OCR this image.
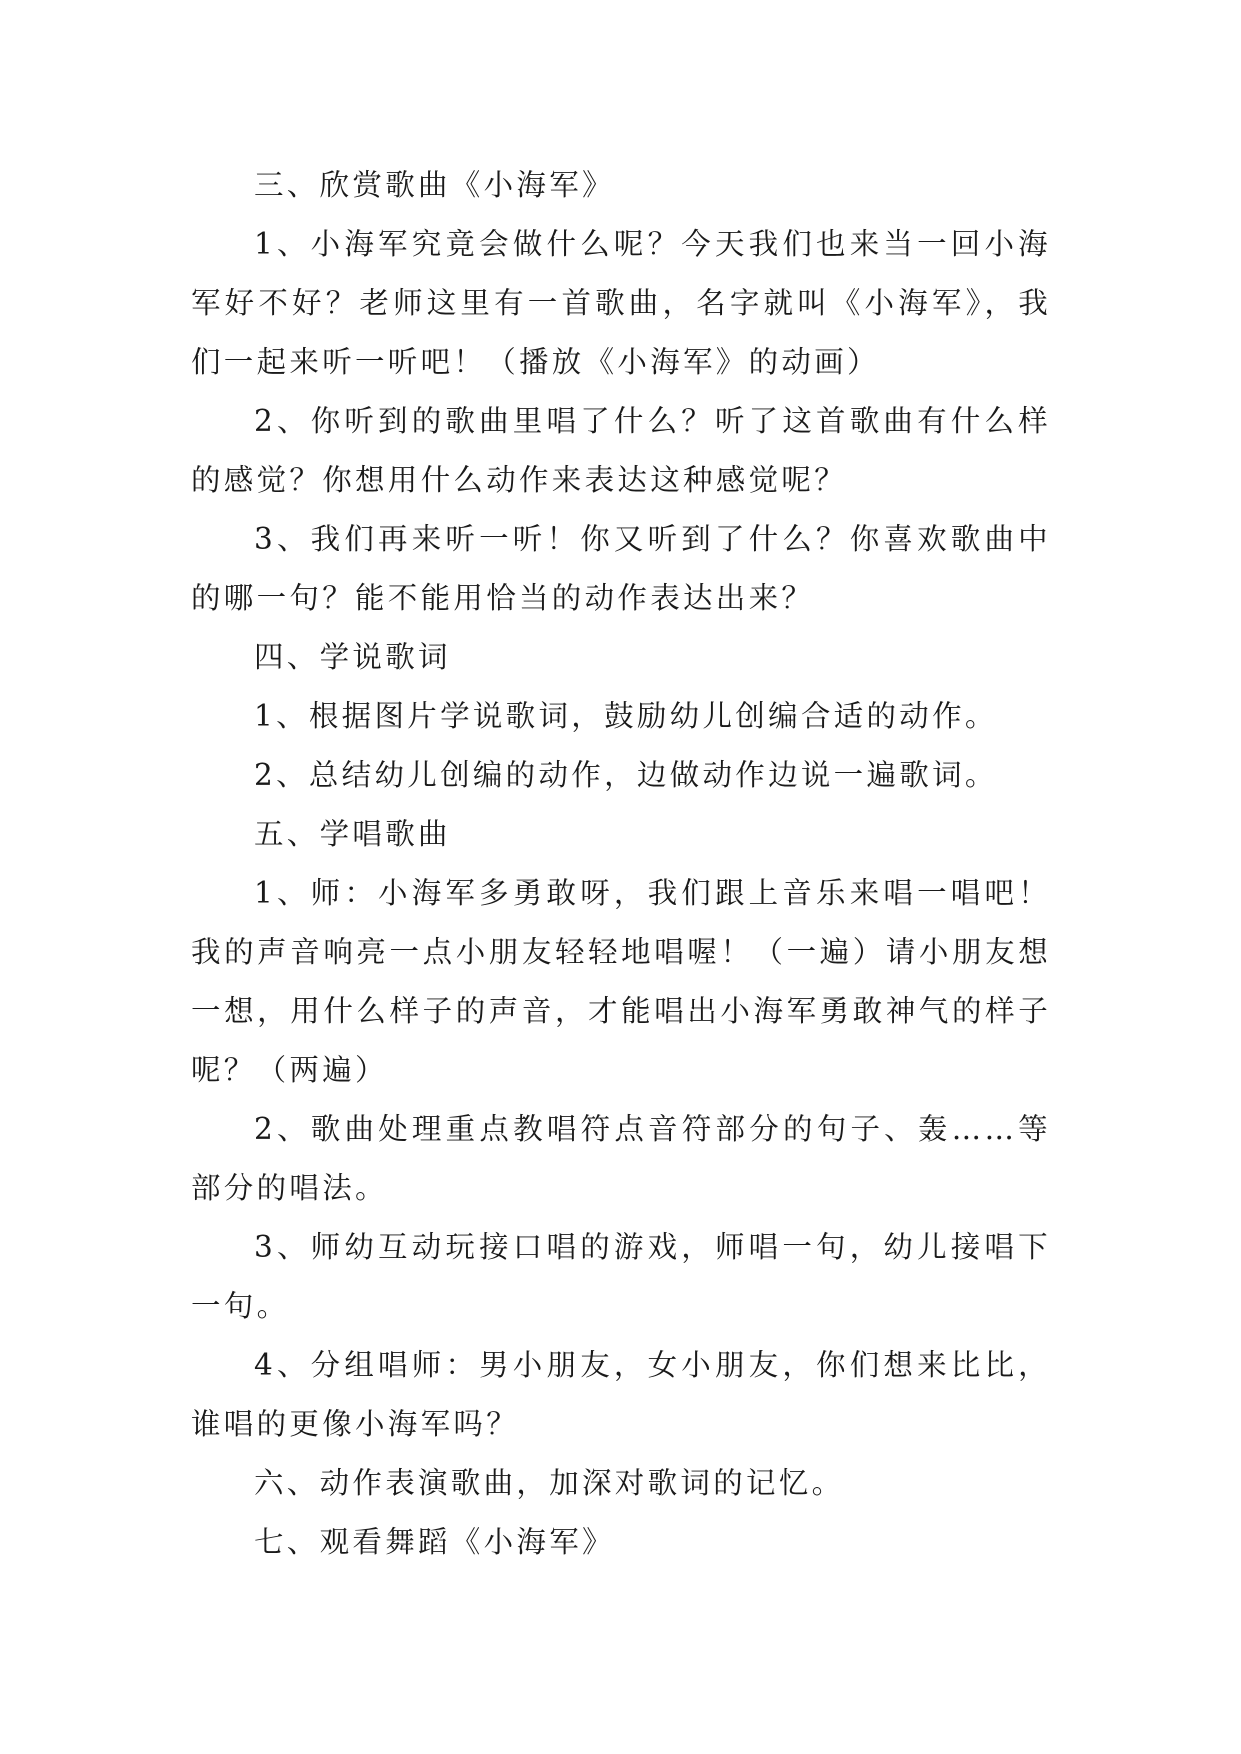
三、欣赏歌曲《小海军》

1、小海军究竟会做什么呢？今天我们也来当一回小海军好不好？老师这里有一首歌曲，名字就叫《小海军》，我们一起来听一听吧！（播放《小海军》的动画）

2、你听到的歌曲里唱了什么？听了这首歌曲有什么样的感觉？你想用什么动作来表达这种感觉呢？

3、我们再来听一听！你又听到了什么？你喜欢歌曲中的哪一句？能不能用恰当的动作表达出来？

四、学说歌词

1、根据图片学说歌词，鼓励幼儿创编合适的动作。

2、总结幼儿创编的动作，边做动作边说一遍歌词。

五、学唱歌曲

1、师：小海军多勇敢呀，我们跟上音乐来唱一唱吧！我的声音响亮一点小朋友轻轻地唱喔！（一遍）请小朋友想一想，用什么样子的声音，才能唱出小海军勇敢神气的样子呢？（两遍）

2、歌曲处理重点教唱符点音符部分的句子、轰……等部分的唱法。

3、师幼互动玩接口唱的游戏，师唱一句，幼儿接唱下一句。

4、分组唱师：男小朋友，女小朋友，你们想来比比，谁唱的更像小海军吗？

六、动作表演歌曲，加深对歌词的记忆。

七、观看舞蹈《小海军》
